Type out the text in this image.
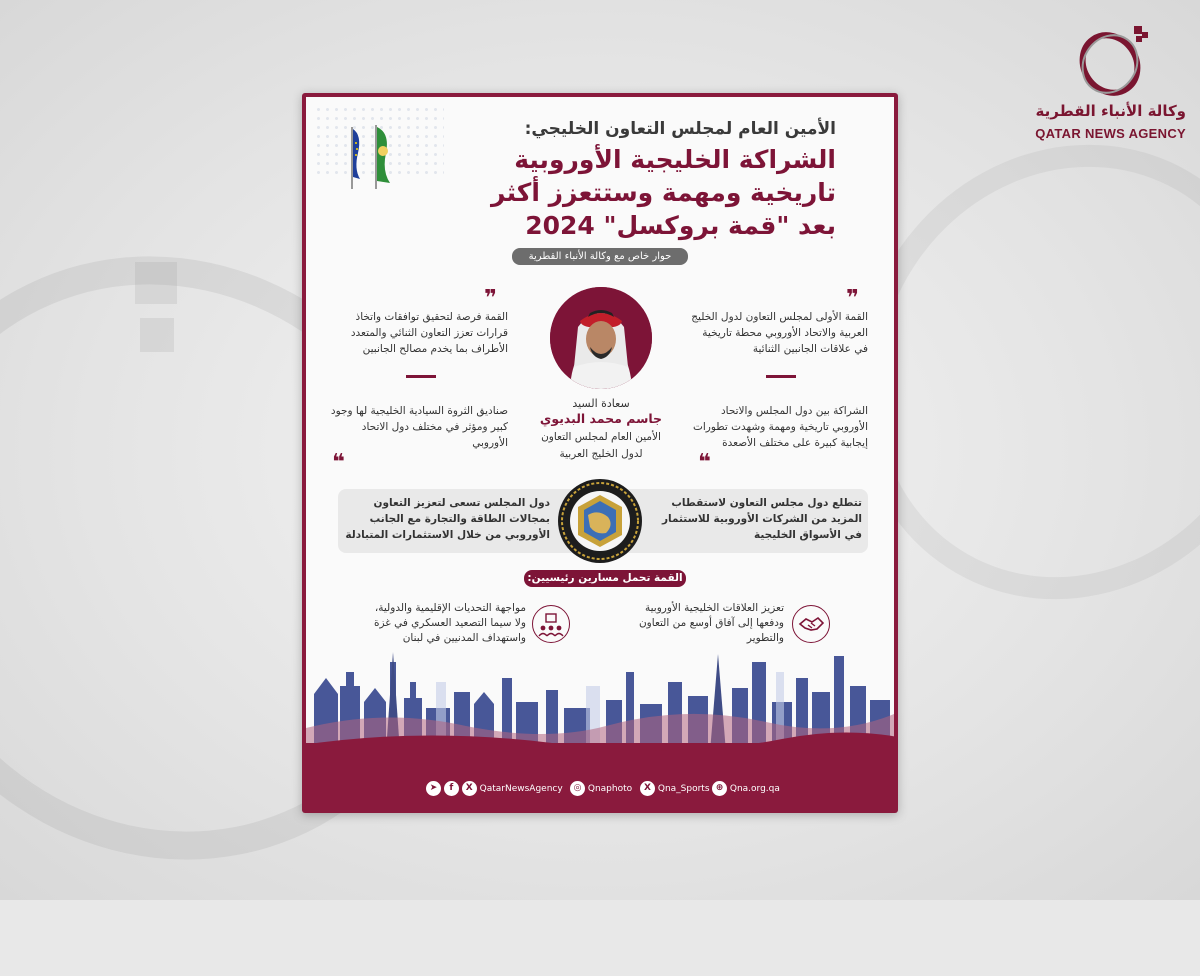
وكالة الأنباء القطرية
QATAR NEWS AGENCY
الأمين العام لمجلس التعاون الخليجي:
الشراكة الخليجية الأوروبية
تاريخية ومهمة وستتعزز أكثر
بعد "قمة بروكسل" 2024
حوار خاص مع وكالة الأنباء القطرية
❞
القمة الأولى لمجلس التعاون لدول الخليج العربية والاتحاد الأوروبي محطة تاريخية في علاقات الجانبين الثنائية
الشراكة بين دول المجلس والاتحاد الأوروبي تاريخية ومهمة وشهدت تطورات إيجابية كبيرة على مختلف الأصعدة
❝
❞
القمة فرصة لتحقيق توافقات واتخاذ قرارات تعزز التعاون الثنائي والمتعدد الأطراف بما يخدم مصالح الجانبين
صناديق الثروة السيادية الخليجية لها وجود كبير ومؤثر في مختلف دول الاتحاد الأوروبي
❝
سعادة السيد
جاسم محمد البديوي
الأمين العام لمجلس التعاون
لدول الخليج العربية
تتطلع دول مجلس التعاون لاستقطاب المزيد من الشركات الأوروبية للاستثمار في الأسواق الخليجية
دول المجلس تسعى لتعزيز التعاون بمجالات الطاقة والتجارة مع الجانب الأوروبي من خلال الاستثمارات المتبادلة
القمة تحمل مسارين رئيسيين:
تعزيز العلاقات الخليجية الأوروبية ودفعها إلى آفاق أوسع من التعاون والتطوير
مواجهة التحديات الإقليمية والدولية، ولا سيما التصعيد العسكري في غزة واستهداف المدنيين في لبنان
➤ f X QatarNewsAgency	◎ Qnaphoto	X Qna_Sports ⊕ Qna.org.qa
